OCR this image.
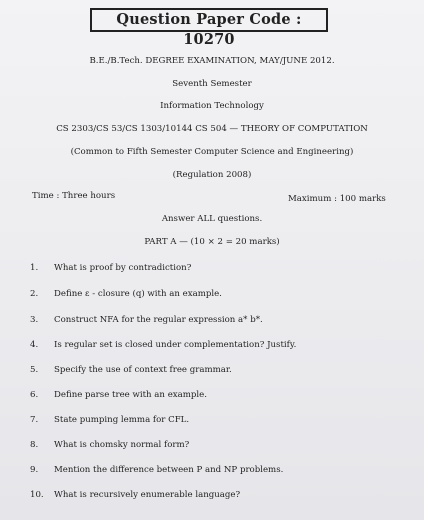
Question Paper Code : 10270
B.E./B.Tech. DEGREE EXAMINATION, MAY/JUNE 2012.
Seventh Semester
Information Technology
CS 2303/CS 53/CS 1303/10144 CS 504 — THEORY OF COMPUTATION
(Common to Fifth Semester Computer Science and Engineering)
(Regulation 2008)
Time : Three hours	Maximum : 100 marks
Answer ALL questions.
PART A — (10 × 2 = 20 marks)
1. What is proof by contradiction?
2. Define ε - closure (q) with an example.
3. Construct NFA for the regular expression a* b*.
4. Is regular set is closed under complementation? Justify.
5. Specify the use of context free grammar.
6. Define parse tree with an example.
7. State pumping lemma for CFL.
8. What is chomsky normal form?
9. Mention the difference between P and NP problems.
10. What is recursively enumerable language?
